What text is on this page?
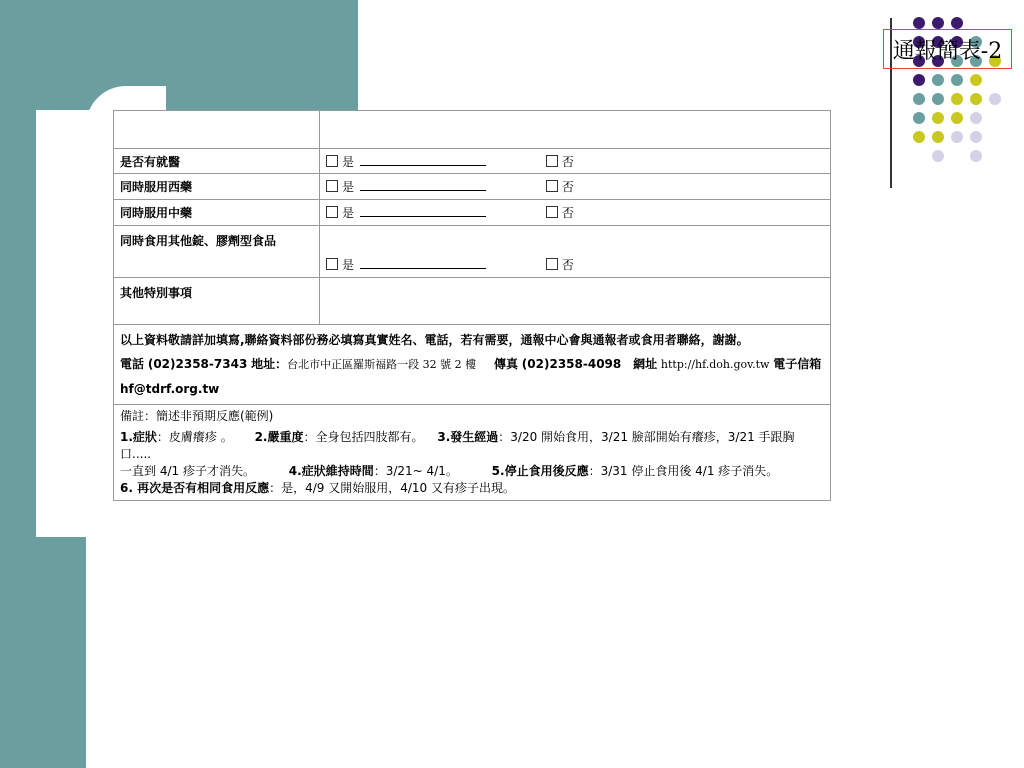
通報簡表-2

是否有就醫	是 否
同時服用西藥	是 否
同時服用中藥	是 否
同時食用其他錠、膠劑型食品	是 否
其他特別事項	

以上資料敬請詳加填寫,聯絡資料部份務必填寫真實姓名、電話，若有需要，通報中心會與通報者或食用者聯絡，謝謝。

電話 (02)2358-7343 地址：台北市中正區羅斯福路一段 32 號 2 樓 傳真 (02)2358-4098 網址 http://hf.doh.gov.tw 電子信箱

hf@tdrf.org.tw	

備註：簡述非預期反應(範例)

1.症狀：皮膚癢疹 。 2.嚴重度：全身包括四肢都有。 3.發生經過：3/20 開始食用，3/21 臉部開始有癢疹，3/21 手跟胸口.....

一直到 4/1 疹子才消失。 4.症狀維持時間：3/21~ 4/1。 5.停止食用後反應：3/31 停止食用後 4/1 疹子消失。

6. 再次是否有相同食用反應：是，4/9 又開始服用，4/10 又有疹子出現。	
